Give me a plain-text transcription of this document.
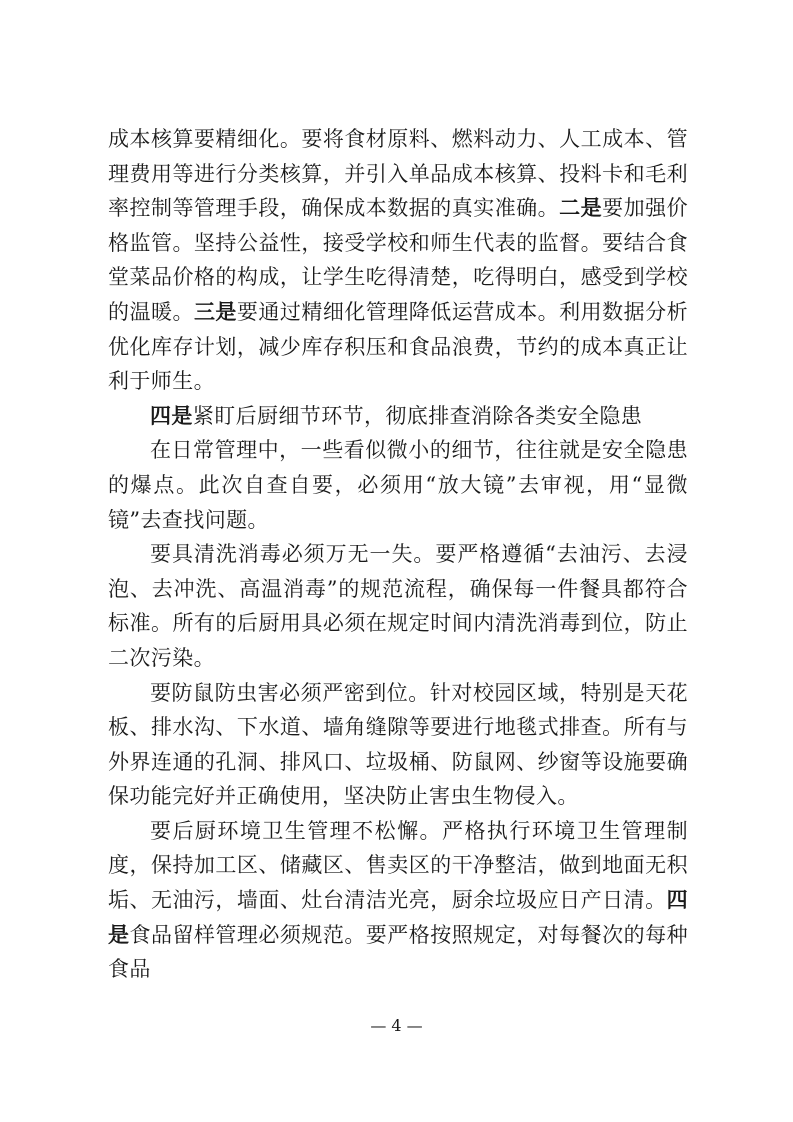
成本核算要精细化。要将食材原料、燃料动力、人工成本、管理费用等进行分类核算，并引入单品成本核算、投料卡和毛利率控制等管理手段，确保成本数据的真实准确。二是要加强价格监管。坚持公益性，接受学校和师生代表的监督。要结合食堂菜品价格的构成，让学生吃得清楚，吃得明白，感受到学校的温暖。三是要通过精细化管理降低运营成本。利用数据分析优化库存计划，减少库存积压和食品浪费，节约的成本真正让利于师生。

四是紧盯后厨细节环节，彻底排查消除各类安全隐患

在日常管理中，一些看似微小的细节，往往就是安全隐患的爆点。此次自查自要，必须用“放大镜”去审视，用“显微镜”去查找问题。

要具清洗消毒必须万无一失。要严格遵循“去油污、去浸泡、去冲洗、高温消毒”的规范流程，确保每一件餐具都符合标准。所有的后厨用具必须在规定时间内清洗消毒到位，防止二次污染。

要防鼠防虫害必须严密到位。针对校园区域，特别是天花板、排水沟、下水道、墙角缝隙等要进行地毯式排查。所有与外界连通的孔洞、排风口、垃圾桶、防鼠网、纱窗等设施要确保功能完好并正确使用，坚决防止害虫生物侵入。

要后厨环境卫生管理不松懈。严格执行环境卫生管理制度，保持加工区、储藏区、售卖区的干净整洁，做到地面无积垢、无油污，墙面、灶台清洁光亮，厨余垃圾应日产日清。四是食品留样管理必须规范。要严格按照规定，对每餐次的每种食品

— 4 —
